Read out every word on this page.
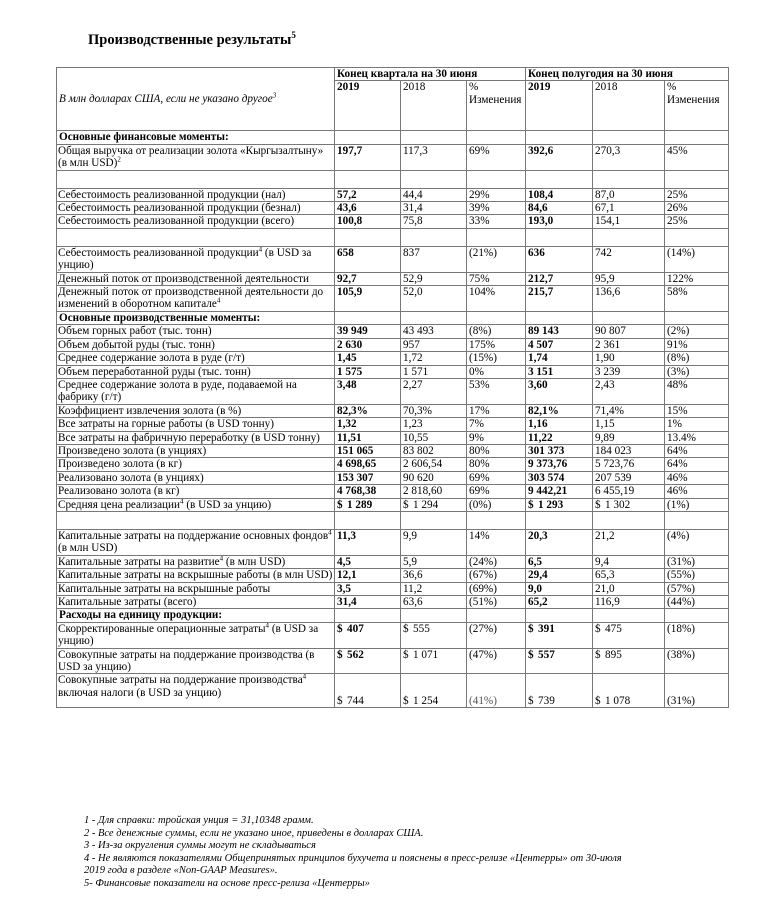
Производственные результаты$^5$
В млн долларах США, если не указано другое$^3$	Конец квартала на 30 июня			Конец полугодия на 30 июня		
	2019	2018	% Изменения	2019	2018	% Изменения
Основные финансовые моменты:						
Общая выручка от реализации золота «Кыргызалтыну» (в млн USD)$^2$	197,7	117,3	69%	392,6	270,3	45%

Себестоимость реализованной продукции (нал)	57,2	44,4	29%	108,4	87,0	25%
Себестоимость реализованной продукции (безнал)	43,6	31,4	39%	84,6	67,1	26%
Себестоимость реализованной продукции (всего)	100,8	75,8	33%	193,0	154,1	25%

Себестоимость реализованной продукции$^4$ (в USD за унцию)	658	837	(21%)	636	742	(14%)
Денежный поток от производственной деятельности	92,7	52,9	75%	212,7	95,9	122%
Денежный поток от производственной деятельности до изменений в оборотном капитале$^4$	105,9	52,0	104%	215,7	136,6	58%
Основные производственные моменты:						
Объем горных работ (тыс. тонн)	39 949	43 493	(8%)	89 143	90 807	(2%)
Объем добытой руды (тыс. тонн)	2 630	957	175%	4 507	2 361	91%
Среднее содержание золота в руде (г/т)	1,45	1,72	(15%)	1,74	1,90	(8%)
Объем переработанной руды (тыс. тонн)	1 575	1 571	0%	3 151	3 239	(3%)
Среднее содержание золота в руде, подаваемой на фабрику (г/т)	3,48	2,27	53%	3,60	2,43	48%
Коэффициент извлечения золота (в %)	82,3%	70,3%	17%	82,1%	71,4%	15%
Все затраты на горные работы (в USD тонну)	1,32	1,23	7%	1,16	1,15	1%
Все затраты на фабричную переработку (в USD тонну)	11,51	10,55	9%	11,22	9,89	13.4%
Произведено золота (в унциях)	151 065	83 802	80%	301 373	184 023	64%
Произведено золота (в кг)	4 698,65	2 606,54	80%	9 373,76	5 723,76	64%
Реализовано золота (в унциях)	153 307	90 620	69%	303 574	207 539	46%
Реализовано золота (в кг)	4 768,38	2 818,60	69%	9 442,21	6 455,19	46%
Средняя цена реализации$^4$ (в USD за унцию)	$ 1 289	$ 1 294	(0%)	$ 1 293	$ 1 302	(1%)

Капитальные затраты на поддержание основных фондов$^4$ (в млн USD)	11,3	9,9	14%	20,3	21,2	(4%)
Капитальные затраты на развитие$^4$ (в млн USD)	4,5	5,9	(24%)	6,5	9,4	(31%)
Капитальные затраты на вскрышные работы (в млн USD)	12,1	36,6	(67%)	29,4	65,3	(55%)
Капитальные затраты на вскрышные работы	3,5	11,2	(69%)	9,0	21,0	(57%)
Капитальные затраты (всего)	31,4	63,6	(51%)	65,2	116,9	(44%)
Расходы на единицу продукции:						
Скорректированные операционные затраты$^4$ (в USD за унцию)	$ 407	$ 555	(27%)	$ 391	$ 475	(18%)
Совокупные затраты на поддержание производства (в USD за унцию)	$ 562	$ 1 071	(47%)	$ 557	$ 895	(38%)
Совокупные затраты на поддержание производства$^4$ включая налоги (в USD за унцию)	$ 744	$ 1 254	(41%)	$ 739	$ 1 078	(31%)
1 - Для справки: тройская унция = 31,10348 грамм.
2 - Все денежные суммы, если не указано иное, приведены в долларах США.
3 - Из-за округления суммы могут не складываться
4 - Не являются показателями Общепринятых принципов бухучета и пояснены в пресс-релизе «Центерры» от 30-июля
2019 года в разделе «Non-GAAP Measures».
5- Финансовые показатели на основе пресс-релиза «Центерры»
